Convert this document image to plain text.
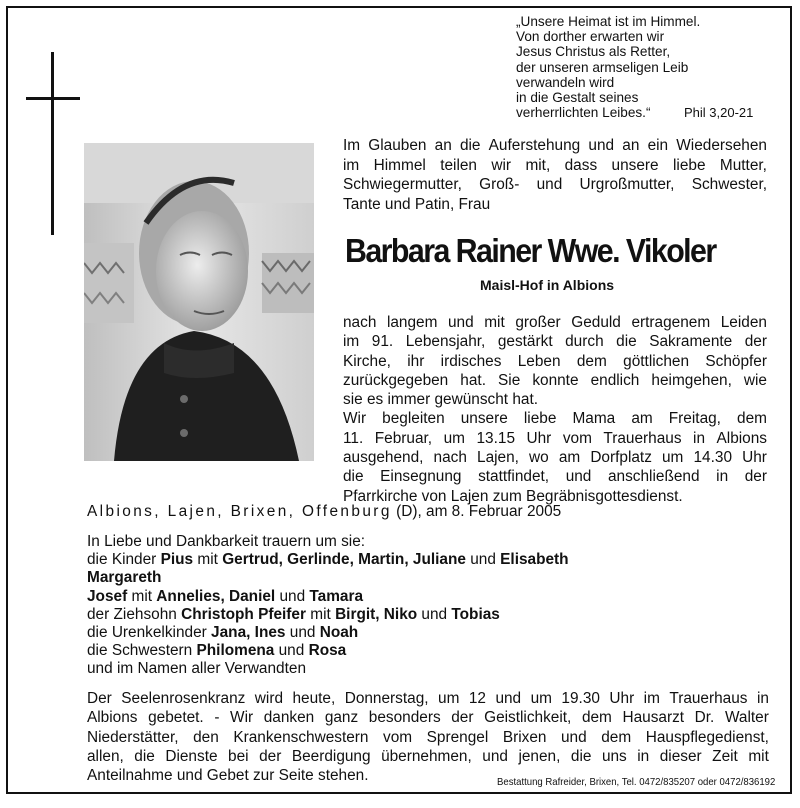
„Unsere Heimat ist im Himmel.
Von dorther erwarten wir
Jesus Christus als Retter,
der unseren armseligen Leib
verwandeln wird
in die Gestalt seines
verherrlichten Leibes.“	Phil 3,20-21
Im Glauben an die Auferstehung und an ein Wiedersehen
im Himmel teilen wir mit, dass unsere liebe Mutter,
Schwiegermutter, Groß- und Urgroßmutter, Schwester,
Tante und Patin, Frau
Barbara Rainer Wwe. Vikoler
Maisl-Hof in Albions
nach langem und mit großer Geduld ertragenem Leiden
im 91. Lebensjahr, gestärkt durch die Sakramente der
Kirche, ihr irdisches Leben dem göttlichen Schöpfer
zurückgegeben hat. Sie konnte endlich heimgehen, wie
sie es immer gewünscht hat.
Wir begleiten unsere liebe Mama am Freitag, dem
11. Februar, um 13.15 Uhr vom Trauerhaus in Albions
ausgehend, nach Lajen, wo am Dorfplatz um 14.30 Uhr
die Einsegnung stattfindet, und anschließend in der
Pfarrkirche von Lajen zum Begräbnisgottesdienst.
Albions, Lajen, Brixen, Offenburg (D), am 8. Februar 2005
In Liebe und Dankbarkeit trauern um sie:
die Kinder Pius mit Gertrud, Gerlinde, Martin, Juliane und Elisabeth
Margareth
Josef mit Annelies, Daniel und Tamara
der Ziehsohn Christoph Pfeifer mit Birgit, Niko und Tobias
die Urenkelkinder Jana, Ines und Noah
die Schwestern Philomena und Rosa
und im Namen aller Verwandten
Der Seelenrosenkranz wird heute, Donnerstag, um 12 und um 19.30 Uhr im Trauerhaus in
Albions gebetet. - Wir danken ganz besonders der Geistlichkeit, dem Hausarzt Dr. Walter
Niederstätter, den Krankenschwestern vom Sprengel Brixen und dem Hauspflegedienst,
allen, die Dienste bei der Beerdigung übernehmen, und jenen, die uns in dieser Zeit mit
Anteilnahme und Gebet zur Seite stehen.	Bestattung Rafreider, Brixen, Tel. 0472/835207 oder 0472/836192
